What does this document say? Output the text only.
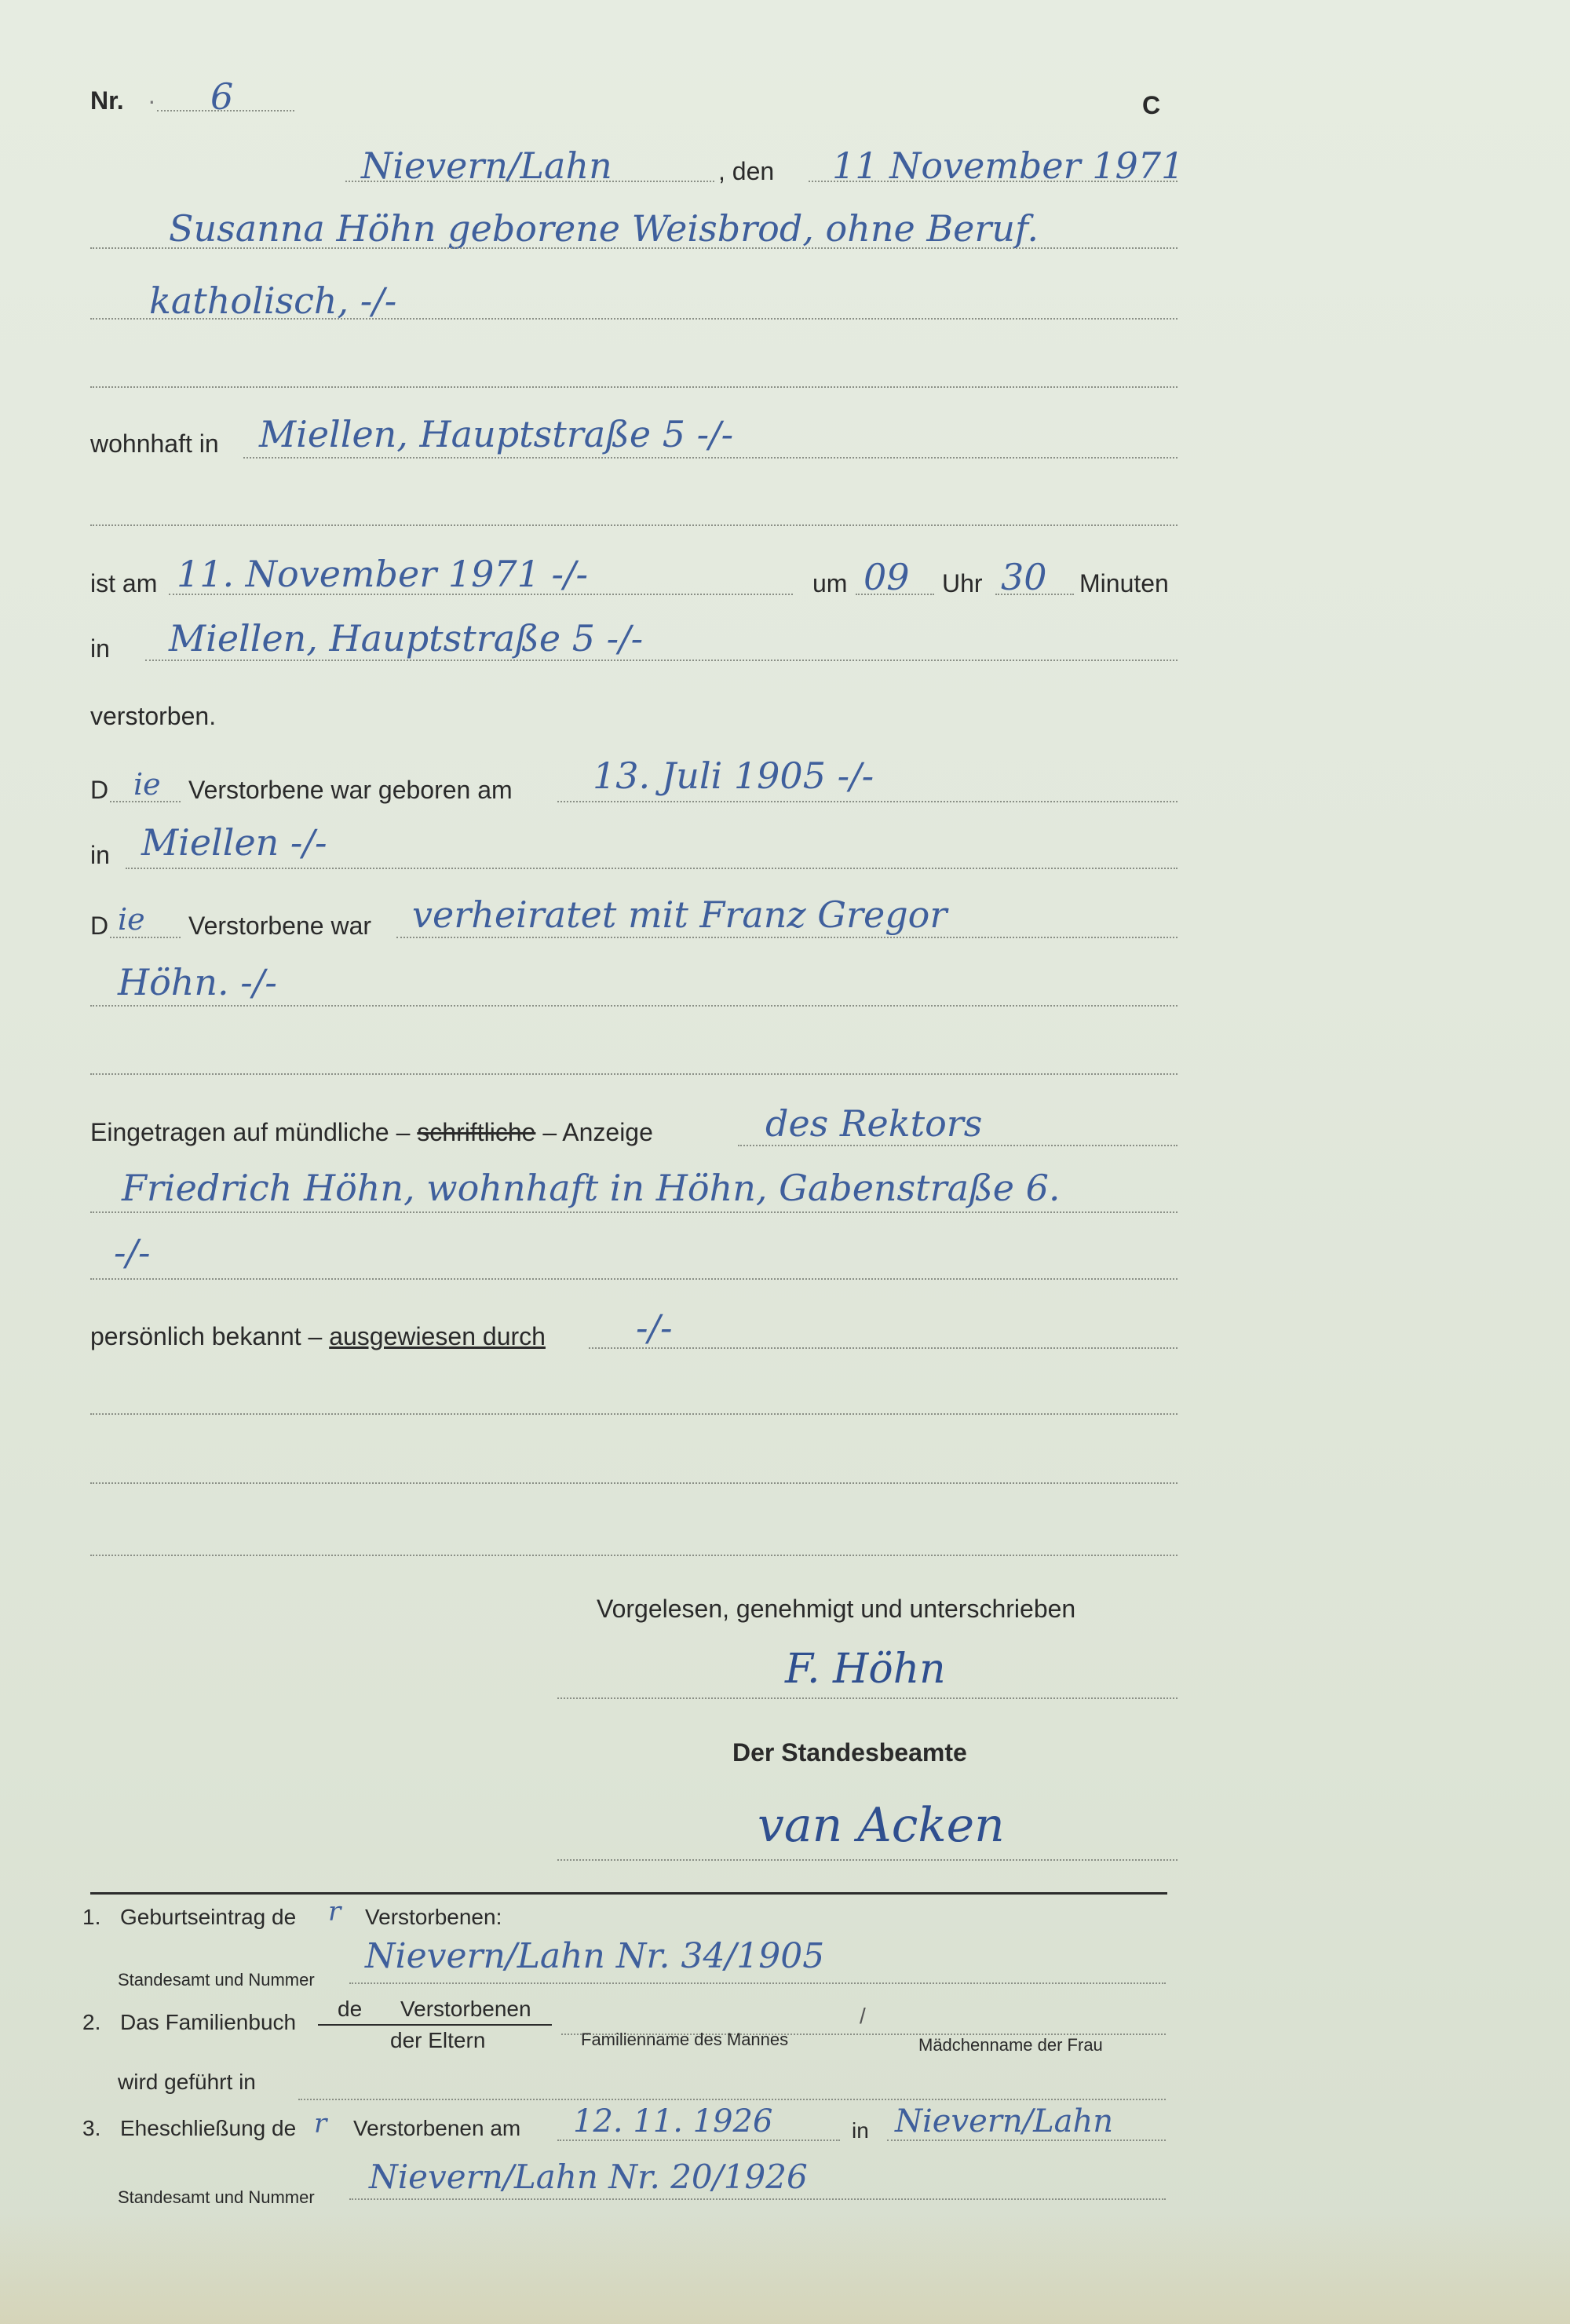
Nr. · 6	C
Nievern/Lahn	, den 11 November 1971
Susanna Höhn geborene Weisbrod, ohne Beruf.
katholisch, -/-
wohnhaft in Miellen, Hauptstraße 5 -/-
ist am 11. November 1971 -/-	um 09 Uhr 30 Minuten
in Miellen, Hauptstraße 5 -/-
verstorben.
D ie Verstorbene war geboren am 13. Juli 1905 -/-
in Miellen -/-
D ie Verstorbene war verheiratet mit Franz Gregor
Höhn. -/-
Eingetragen auf mündliche – schriftliche – Anzeige	des Rektors
Friedrich Höhn, wohnhaft in Höhn, Gabenstraße 6.
-/-
persönlich bekannt – ausgewiesen durch	-/-
Vorgelesen, genehmigt und unterschrieben
F. Höhn
Der Standesbeamte
van Acken
1. Geburtseintrag de r Verstorbenen:
Nievern/Lahn Nr. 34/1905
Standesamt und Nummer
2. Das Familienbuch
de Verstorbenen
der Eltern
/
Familienname des Mannes	Mädchenname der Frau
wird geführt in
3. Eheschließung de r Verstorbenen am 12. 11. 1926	in Nievern/Lahn
Nievern/Lahn Nr. 20/1926
Standesamt und Nummer
